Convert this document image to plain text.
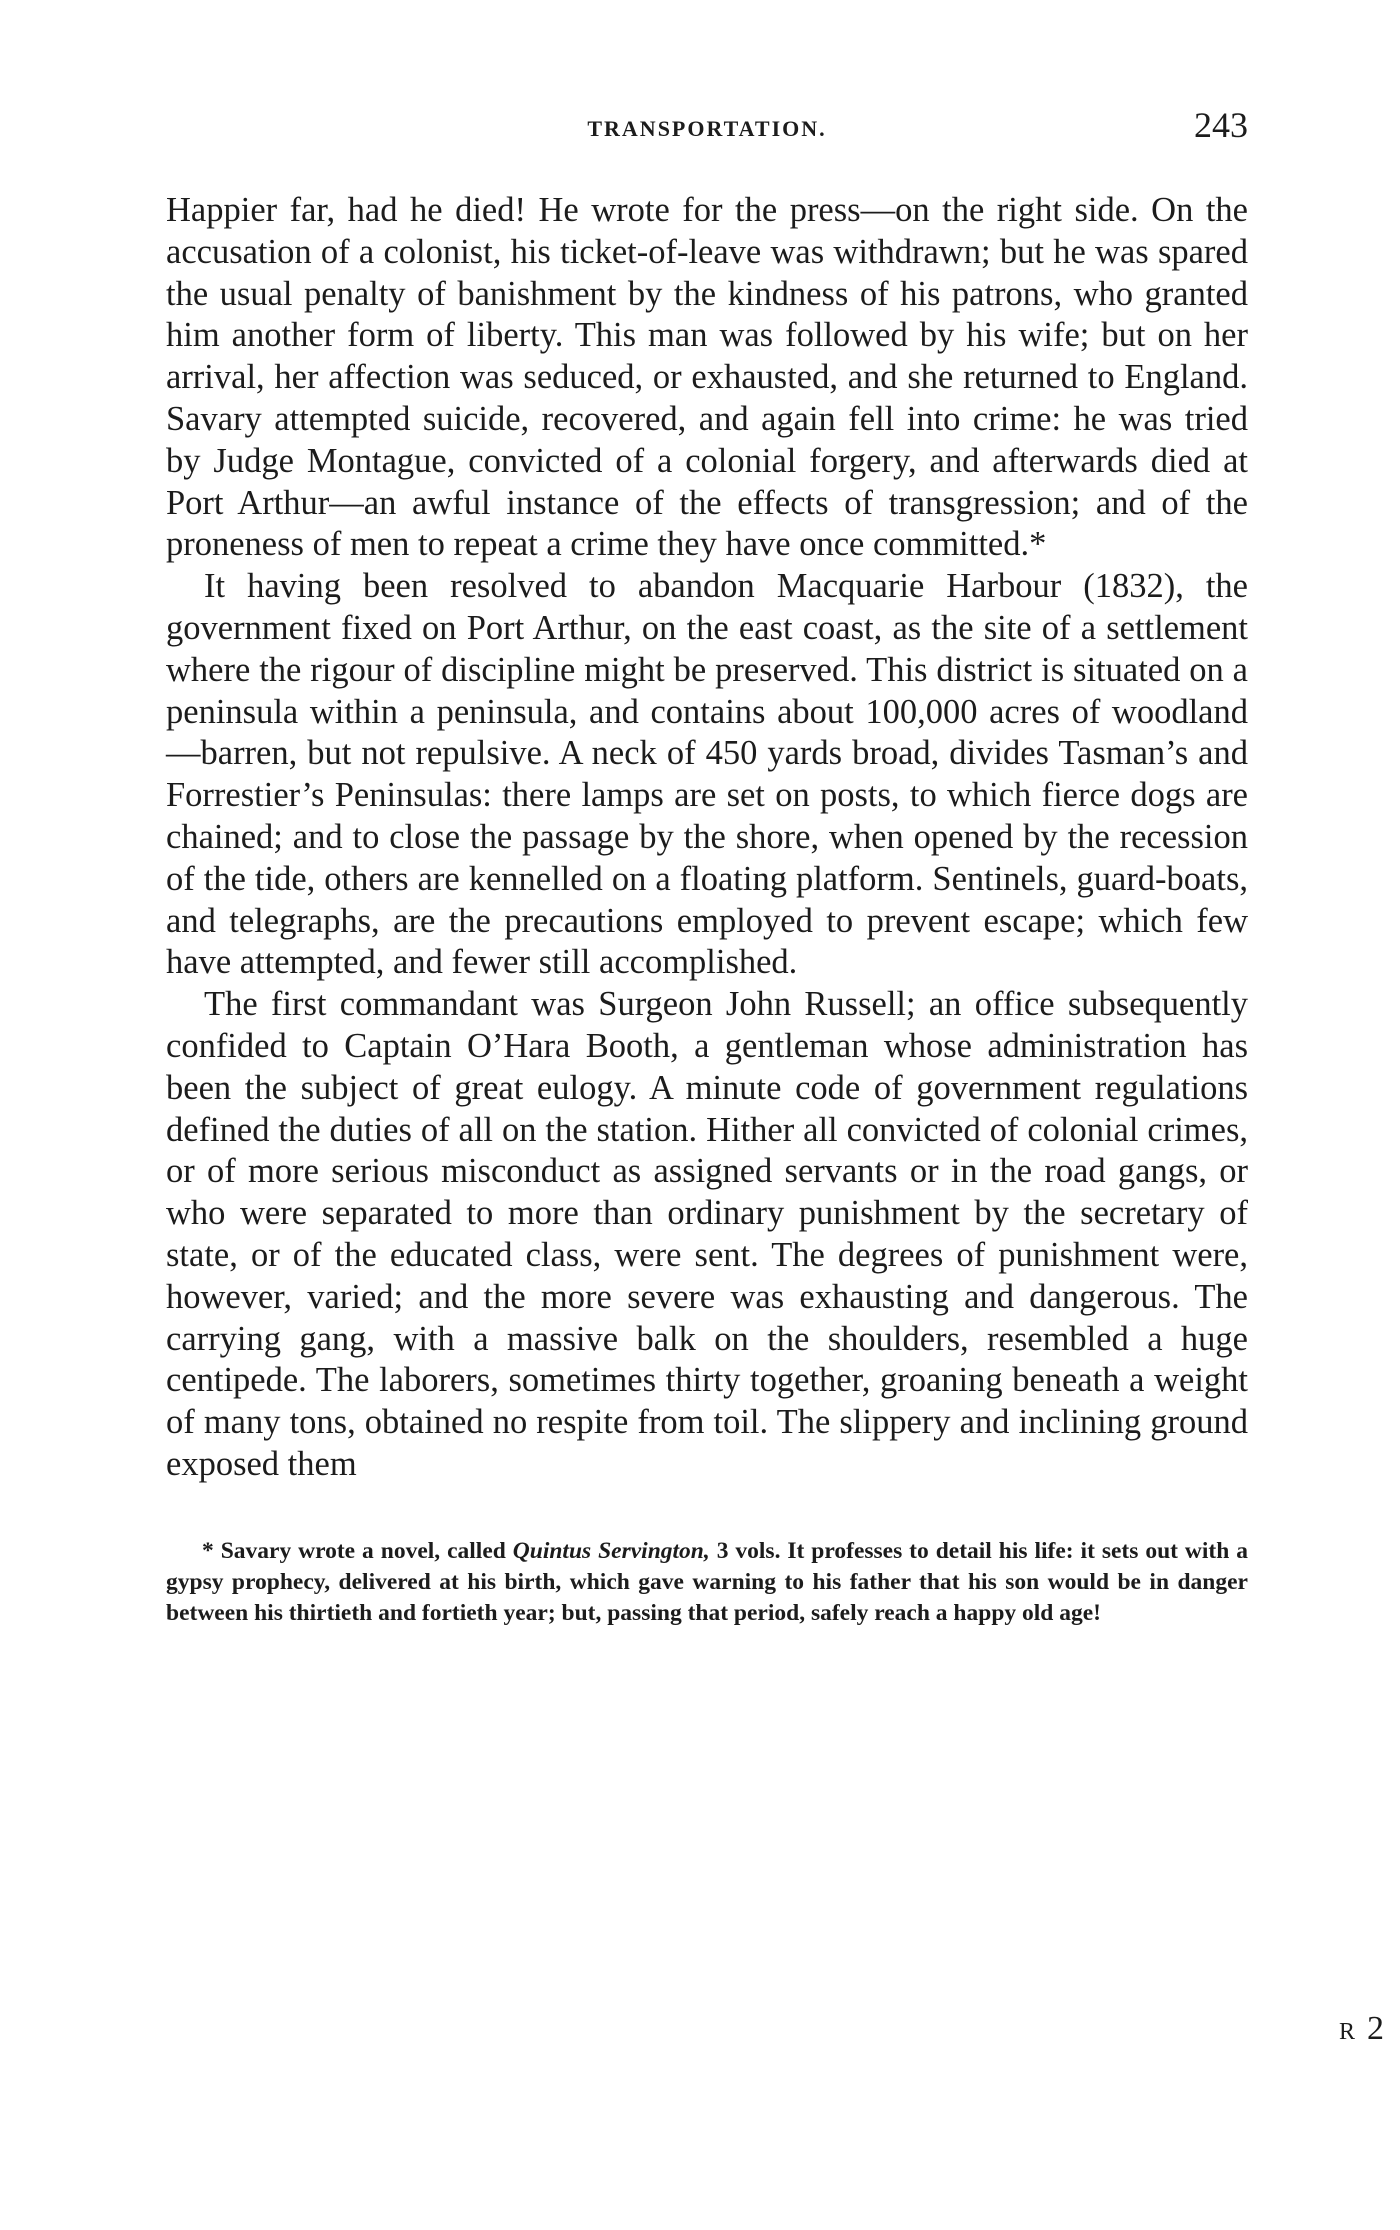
TRANSPORTATION.	243

Happier far, had he died! He wrote for the press—on the right side. On the accusation of a colonist, his ticket-of-leave was withdrawn; but he was spared the usual penalty of banishment by the kindness of his patrons, who granted him another form of liberty. This man was followed by his wife; but on her arrival, her affection was seduced, or exhausted, and she returned to England. Savary attempted suicide, recovered, and again fell into crime: he was tried by Judge Montague, convicted of a colonial forgery, and afterwards died at Port Arthur—an awful instance of the effects of transgression; and of the proneness of men to repeat a crime they have once committed.*

It having been resolved to abandon Macquarie Harbour (1832), the government fixed on Port Arthur, on the east coast, as the site of a settlement where the rigour of discipline might be preserved. This district is situated on a peninsula within a peninsula, and contains about 100,000 acres of woodland—barren, but not repulsive. A neck of 450 yards broad, divides Tasman’s and Forrestier’s Peninsulas: there lamps are set on posts, to which fierce dogs are chained; and to close the passage by the shore, when opened by the recession of the tide, others are kennelled on a floating platform. Sentinels, guard-boats, and telegraphs, are the precautions employed to prevent escape; which few have attempted, and fewer still accomplished.

The first commandant was Surgeon John Russell; an office subsequently confided to Captain O’Hara Booth, a gentleman whose administration has been the subject of great eulogy. A minute code of government regulations defined the duties of all on the station. Hither all convicted of colonial crimes, or of more serious misconduct as assigned servants or in the road gangs, or who were separated to more than ordinary punishment by the secretary of state, or of the educated class, were sent. The degrees of punishment were, however, varied; and the more severe was exhausting and dangerous. The carrying gang, with a massive balk on the shoulders, resembled a huge centipede. The laborers, sometimes thirty together, groaning beneath a weight of many tons, obtained no respite from toil. The slippery and inclining ground exposed them

* Savary wrote a novel, called Quintus Servington, 3 vols. It professes to detail his life: it sets out with a gypsy prophecy, delivered at his birth, which gave warning to his father that his son would be in danger between his thirtieth and fortieth year; but, passing that period, safely reach a happy old age!
R 2
